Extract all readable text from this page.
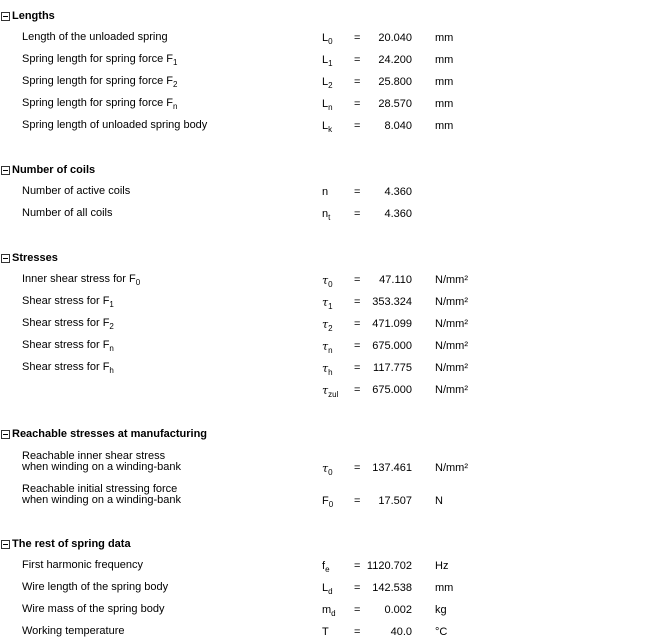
Lengths
Length of the unloaded spring	$L_0$ =	20.040 mm
Spring length for spring force $F_1$	$L_1$ =	24.200 mm
Spring length for spring force $F_2$	$L_2$ =	25.800 mm
Spring length for spring force $F_n$	$L_n$ =	28.570 mm
Spring length of unloaded spring body	$L_k$ =	8.040 mm
Number of coils
Number of active coils	n =	4.360
Number of all coils	$n_t$ =	4.360
Stresses
Inner shear stress for $F_0$	$\tau_0$ =	47.110 N/mm²
Shear stress for $F_1$	$\tau_1$ =	353.324 N/mm²
Shear stress for $F_2$	$\tau_2$ =	471.099 N/mm²
Shear stress for $F_n$	$\tau_n$ =	675.000 N/mm²
Shear stress for $F_h$	$\tau_h$ =	117.775 N/mm²
$\tau_{zul}$ =	675.000 N/mm²
Reachable stresses at manufacturing
Reachable inner shear stress
when winding on a winding-bank	$\tau_0$ =	137.461 N/mm²
Reachable initial stressing force
when winding on a winding-bank	$F_0$ =	17.507 N
The rest of spring data
First harmonic frequency	$f_e = 1120.702$ Hz
Wire length of the spring body	$L_d$ =	142.538 mm
Wire mass of the spring body	$m_d$ =	0.002 kg
Working temperature	T =	40.0 °C
